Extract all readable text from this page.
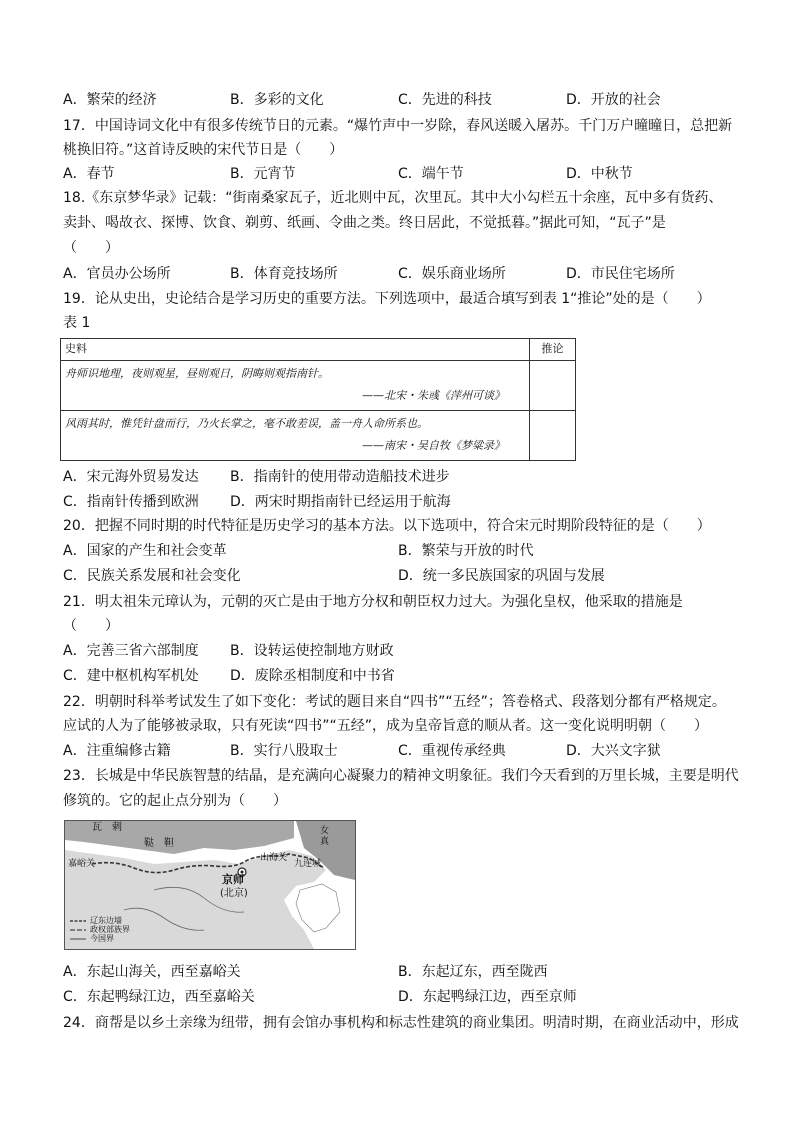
A．繁荣的经济	B．多彩的文化	C．先进的科技	D．开放的社会
17．中国诗词文化中有很多传统节日的元素。“爆竹声中一岁除，春风送暖入屠苏。千门万户曈曈日，总把新
桃换旧符。”这首诗反映的宋代节日是（　　）
A．春节	B．元宵节	C．端午节	D．中秋节
18.《东京梦华录》记载：“街南桑家瓦子，近北则中瓦，次里瓦。其中大小勾栏五十余座，瓦中多有货药、
卖卦、喝故衣、探博、饮食、剃剪、纸画、令曲之类。终日居此，不觉抵暮。”据此可知，“瓦子”是
（　　）
A．官员办公场所	B．体育竞技场所	C．娱乐商业场所	D．市民住宅场所
19．论从史出，史论结合是学习历史的重要方法。下列选项中，最适合填写到表 1“推论”处的是（　　）
表 1
史料	推论

舟师识地理，夜则观星，昼则观日，阴晦则观指南针。
——北宋・朱彧《萍州可谈》	

风雨其时，惟凭针盘而行，乃火长掌之，毫不敢差误，盖一舟人命所系也。
——南宋・吴自牧《梦粱录》	

A．宋元海外贸易发达 B．指南针的使用带动造船技术进步
C．指南针传播到欧洲 D．两宋时期指南针已经运用于航海
20．把握不同时期的时代特征是历史学习的基本方法。以下选项中，符合宋元时期阶段特征的是（　　）
A．国家的产生和社会变革	B．繁荣与开放的时代
C．民族关系发展和社会变化	D．统一多民族国家的巩固与发展
21．明太祖朱元璋认为，元朝的灭亡是由于地方分权和朝臣权力过大。为强化皇权，他采取的措施是
（　　）
A．完善三省六部制度 B．设转运使控制地方财政
C．建中枢机构军机处 D．废除丞相制度和中书省
22．明朝时科举考试发生了如下变化：考试的题目来自“四书”“五经”；答卷格式、段落划分都有严格规定。
应试的人为了能够被录取，只有死读“四书”“五经”，成为皇帝旨意的顺从者。这一变化说明明朝（　　）
A．注重编修古籍	B．实行八股取士	C．重视传承经典	D．大兴文字狱
23．长城是中华民族智慧的结晶，是充满向心凝聚力的精神文明象征。我们今天看到的万里长城，主要是明代
修筑的。它的起止点分别为（　　）
瓦　剌
鞑　靼
女真
嘉峪关
山海关
九连城
京师
(北京)
辽东边墙
政权部族界
今国界
A．东起山海关，西至嘉峪关	B．东起辽东，西至陇西
C．东起鸭绿江边，西至嘉峪关	D．东起鸭绿江边，西至京师
24．商帮是以乡土亲缘为纽带，拥有会馆办事机构和标志性建筑的商业集团。明清时期，在商业活动中，形成
